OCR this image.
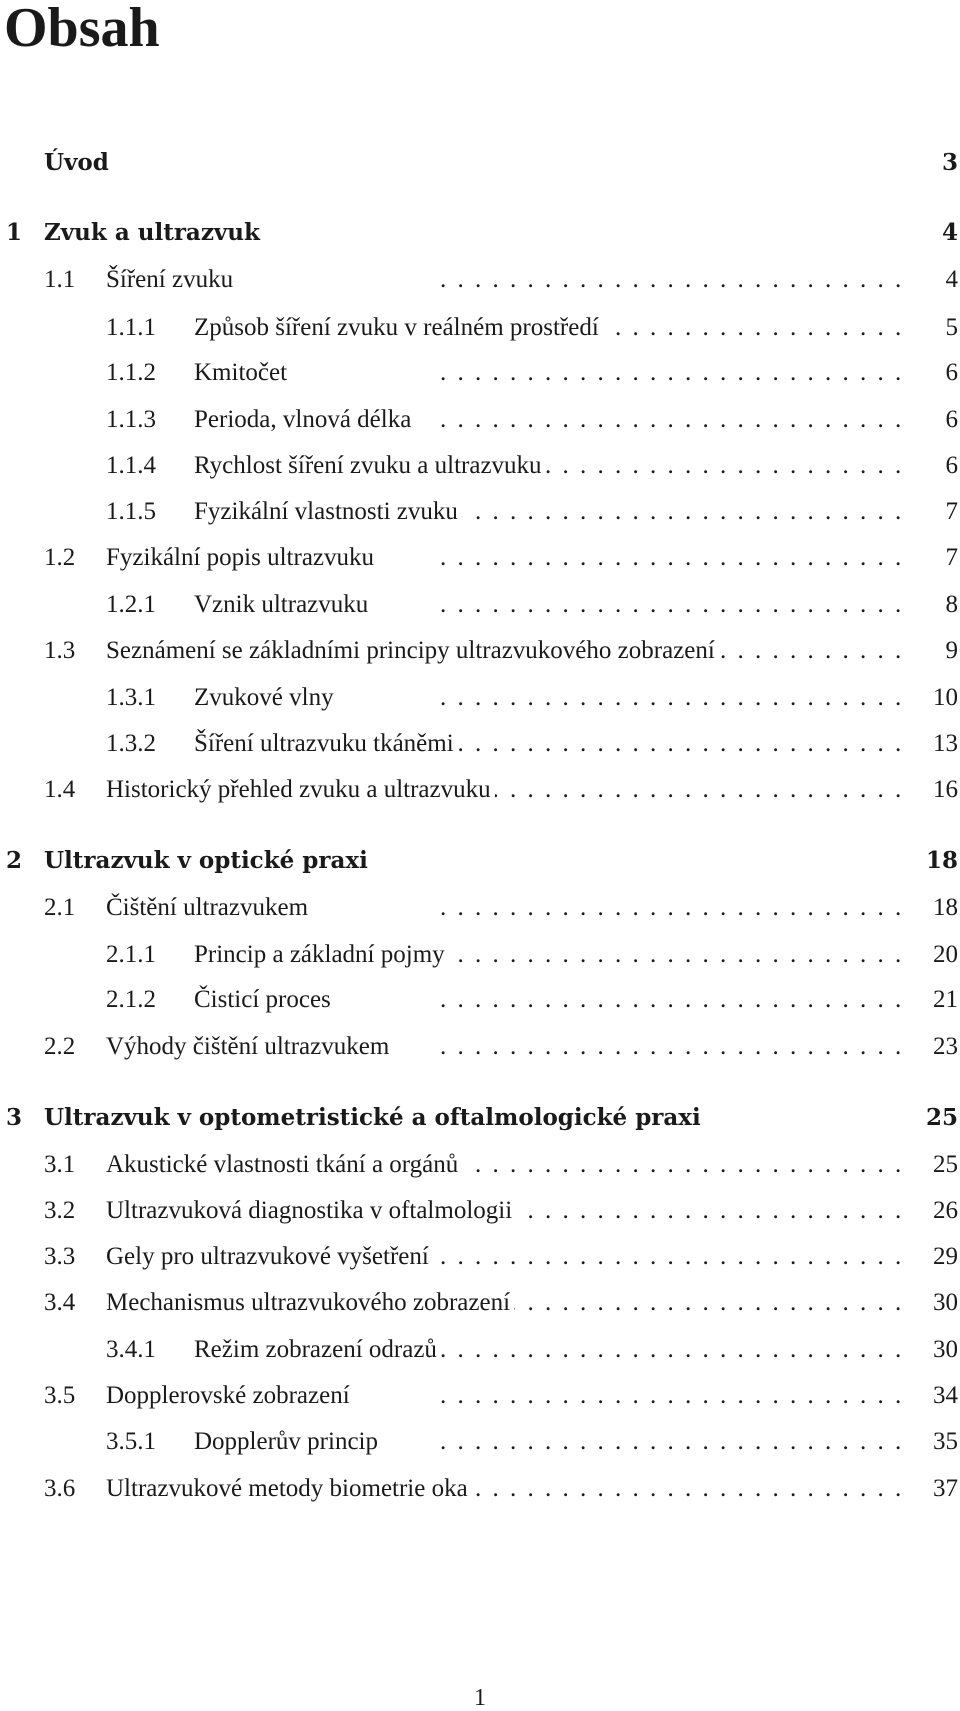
Obsah
Úvod	3
1 Zvuk a ultrazvuk	4
1.1 . . . Šíření zvuku	4
1.1.1 . . . Způsob šíření zvuku v reálném prostředí	5
1.1.2 . . . Kmitočet	6
1.1.3 . . . Perioda, vlnová délka	6
1.1.4 . . . Rychlost šíření zvuku a ultrazvuku	6
1.1.5 . . . Fyzikální vlastnosti zvuku	7
1.2 . . . Fyzikální popis ultrazvuku	7
1.2.1 . . . Vznik ultrazvuku	8
1.3 . . . Seznámení se základními principy ultrazvukového zobrazení	9
1.3.1 . . . Zvukové vlny	10
1.3.2 . . . Šíření ultrazvuku tkáněmi	13
1.4 . . . Historický přehled zvuku a ultrazvuku	16
2 Ultrazvuk v optické praxi	18
2.1 . . . Čištění ultrazvukem	18
2.1.1 . . . Princip a základní pojmy	20
2.1.2 . . . Čisticí proces	21
2.2 . . . Výhody čištění ultrazvukem	23
3 Ultrazvuk v optometristické a oftalmologické praxi	25
3.1 . . . Akustické vlastnosti tkání a orgánů	25
3.2 . . . Ultrazvuková diagnostika v oftalmologii	26
3.3 . . . Gely pro ultrazvukové vyšetření	29
3.4 . . . Mechanismus ultrazvukového zobrazení	30
3.4.1 . . . Režim zobrazení odrazů	30
3.5 . . . Dopplerovské zobrazení	34
3.5.1 . . . Dopplerův princip	35
3.6 . . . Ultrazvukové metody biometrie oka	37
1
